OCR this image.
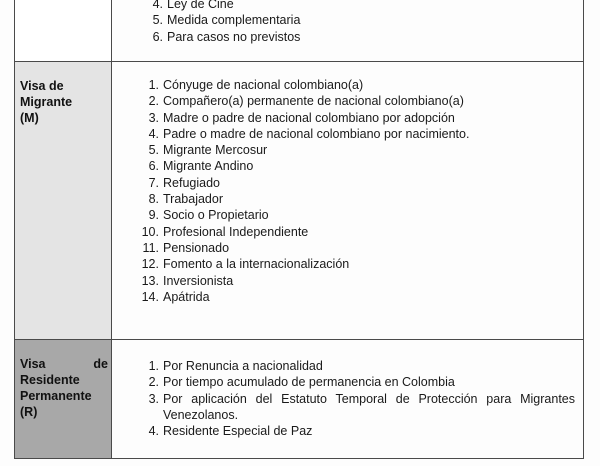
4. Ley de Cine
5. Medida complementaria
6. Para casos no previstos
Visa de
Migrante
(M)
1. Cónyuge de nacional colombiano(a)
2. Compañero(a) permanente de nacional colombiano(a)
3. Madre o padre de nacional colombiano por adopción
4. Padre o madre de nacional colombiano por nacimiento.
5. Migrante Mercosur
6. Migrante Andino
7. Refugiado
8. Trabajador
9. Socio o Propietario
10. Profesional Independiente
11. Pensionado
12. Fomento a la internacionalización
13. Inversionista
14. Apátrida
Visa	de
Residente
Permanente
(R)
1. Por Renuncia a nacionalidad
2. Por tiempo acumulado de permanencia en Colombia
3. Por aplicación del Estatuto Temporal de Protección para Migrantes Venezolanos.
4. Residente Especial de Paz
